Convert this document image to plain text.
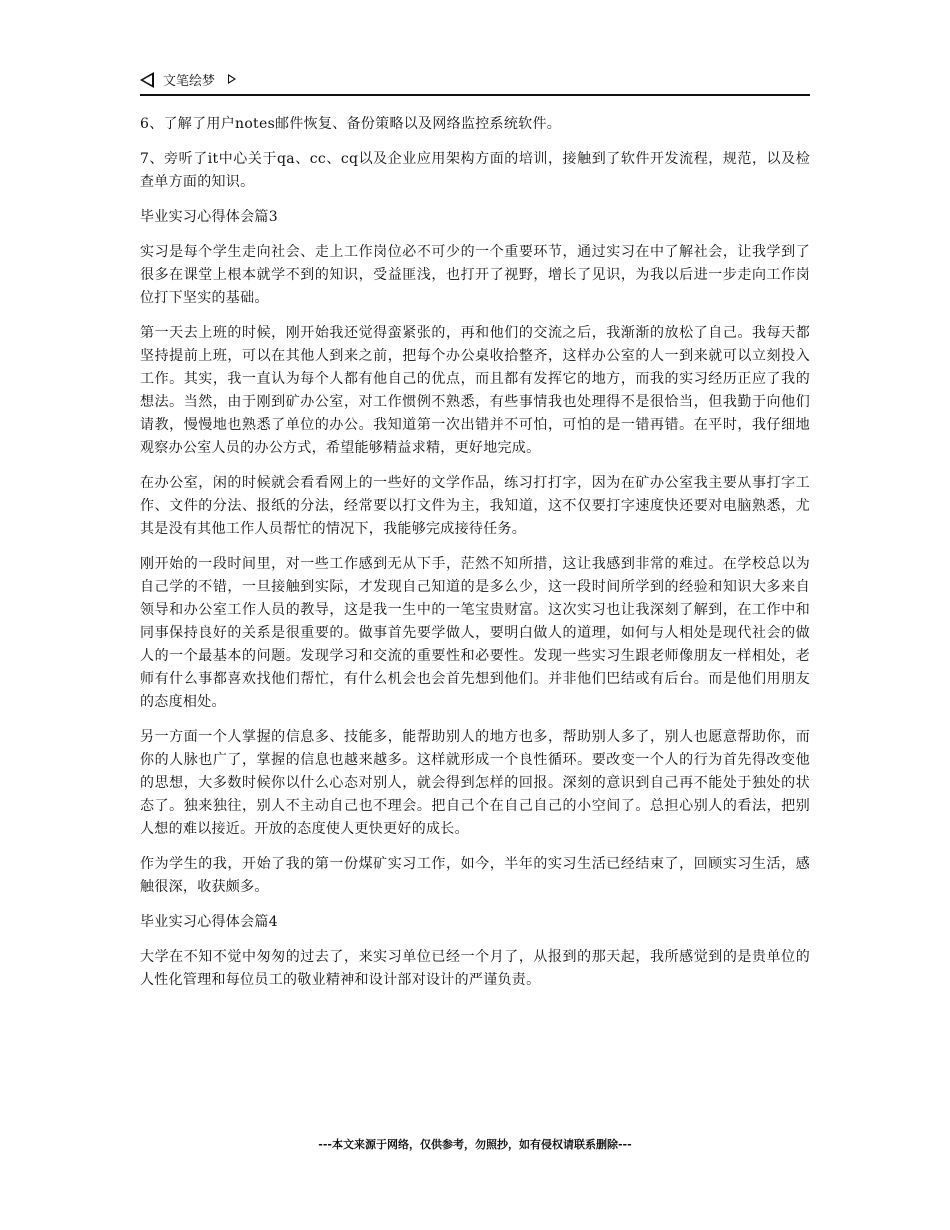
文笔绘梦

6、了解了用户notes邮件恢复、备份策略以及网络监控系统软件。

7、旁听了it中心关于qa、cc、cq以及企业应用架构方面的培训，接触到了软件开发流程，规范，以及检查单方面的知识。

毕业实习心得体会篇3

实习是每个学生走向社会、走上工作岗位必不可少的一个重要环节，通过实习在中了解社会，让我学到了很多在课堂上根本就学不到的知识，受益匪浅，也打开了视野，增长了见识，为我以后进一步走向工作岗位打下坚实的基础。

第一天去上班的时候，刚开始我还觉得蛮紧张的，再和他们的交流之后，我渐渐的放松了自己。我每天都坚持提前上班，可以在其他人到来之前，把每个办公桌收拾整齐，这样办公室的人一到来就可以立刻投入工作。其实，我一直认为每个人都有他自己的优点，而且都有发挥它的地方，而我的实习经历正应了我的想法。当然，由于刚到矿办公室，对工作惯例不熟悉，有些事情我也处理得不是很恰当，但我勤于向他们请教，慢慢地也熟悉了单位的办公。我知道第一次出错并不可怕，可怕的是一错再错。在平时，我仔细地观察办公室人员的办公方式，希望能够精益求精，更好地完成。

在办公室，闲的时候就会看看网上的一些好的文学作品，练习打打字，因为在矿办公室我主要从事打字工作、文件的分法、报纸的分法，经常要以打文件为主，我知道，这不仅要打字速度快还要对电脑熟悉，尤其是没有其他工作人员帮忙的情况下，我能够完成接待任务。

刚开始的一段时间里，对一些工作感到无从下手，茫然不知所措，这让我感到非常的难过。在学校总以为自己学的不错，一旦接触到实际，才发现自己知道的是多么少，这一段时间所学到的经验和知识大多来自领导和办公室工作人员的教导，这是我一生中的一笔宝贵财富。这次实习也让我深刻了解到，在工作中和同事保持良好的关系是很重要的。做事首先要学做人，要明白做人的道理，如何与人相处是现代社会的做人的一个最基本的问题。发现学习和交流的重要性和必要性。发现一些实习生跟老师像朋友一样相处，老师有什么事都喜欢找他们帮忙，有什么机会也会首先想到他们。并非他们巴结或有后台。而是他们用朋友的态度相处。

另一方面一个人掌握的信息多、技能多，能帮助别人的地方也多，帮助别人多了，别人也愿意帮助你，而你的人脉也广了，掌握的信息也越来越多。这样就形成一个良性循环。要改变一个人的行为首先得改变他的思想，大多数时候你以什么心态对别人，就会得到怎样的回报。深刻的意识到自己再不能处于独处的状态了。独来独往，别人不主动自己也不理会。把自己个在自己自己的小空间了。总担心别人的看法，把别人想的难以接近。开放的态度使人更快更好的成长。

作为学生的我，开始了我的第一份煤矿实习工作，如今，半年的实习生活已经结束了，回顾实习生活，感触很深，收获颇多。

毕业实习心得体会篇4

大学在不知不觉中匆匆的过去了，来实习单位已经一个月了，从报到的那天起，我所感觉到的是贵单位的人性化管理和每位员工的敬业精神和设计部对设计的严谨负责。

---本文来源于网络，仅供参考，勿照抄，如有侵权请联系删除---
